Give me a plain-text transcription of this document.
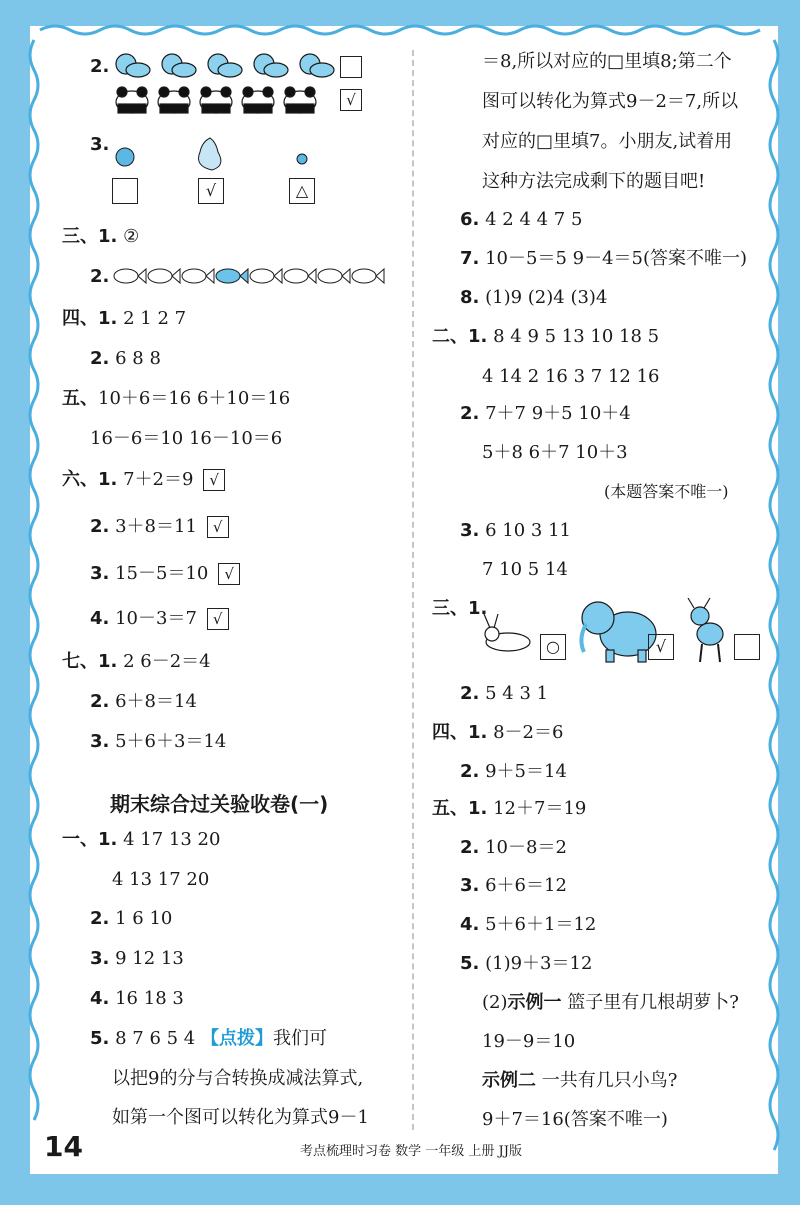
2.
√
3.
√	△
三、1. ②
2.
四、1. 2 1 2 7
2. 6 8 8
五、10＋6＝16 6＋10＝16
16－6＝10 16－10＝6
六、1. 7＋2＝9 √
2. 3＋8＝11 √
3. 15－5＝10 √
4. 10－3＝7 √
七、1. 2 6－2＝4
2. 6＋8＝14
3. 5＋6＋3＝14
期末综合过关验收卷(一)
一、1. 4 17 13 20
4 13 17 20
2. 1 6 10
3. 9 12 13
4. 16 18 3
5. 8 7 6 5 4 【点拨】我们可
以把9的分与合转换成减法算式,
如第一个图可以转化为算式9－1
＝8,所以对应的□里填8;第二个
图可以转化为算式9－2＝7,所以
对应的□里填7。小朋友,试着用
这种方法完成剩下的题目吧!
6. 4 2 4 4 7 5
7. 10－5＝5 9－4＝5(答案不唯一)
8. (1)9 (2)4 (3)4
二、1. 8 4 9 5 13 10 18 5
4 14 2 16 3 7 12 16
2. 7＋7 9＋5 10＋4
5＋8 6＋7 10＋3
(本题答案不唯一)
3. 6 10 3 11
7 10 5 14
三、1.
○	√
2. 5 4 3 1
四、1. 8－2＝6
2. 9＋5＝14
五、1. 12＋7＝19
2. 10－8＝2
3. 6＋6＝12
4. 5＋6＋1＝12
5. (1)9＋3＝12
(2)示例一 篮子里有几根胡萝卜?
19－9＝10
示例二 一共有几只小鸟?
9＋7＝16(答案不唯一)
14	考点梳理时习卷 数学 一年级 上册 JJ版
